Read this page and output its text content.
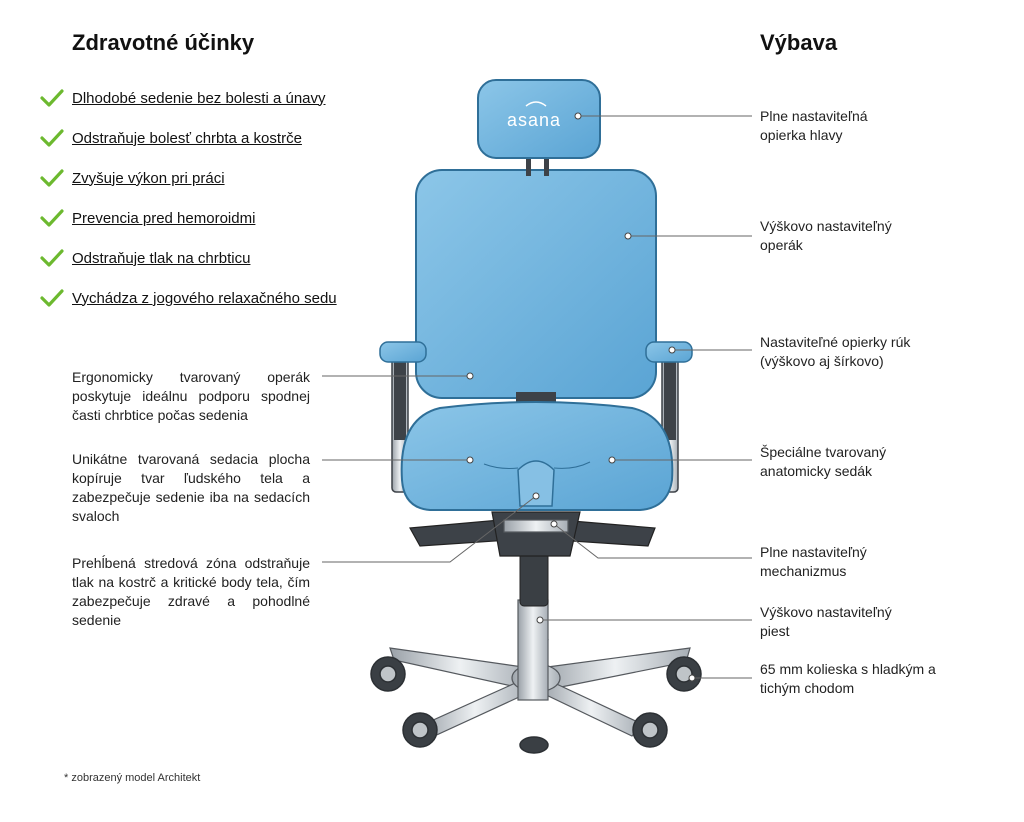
Zdravotné účinky	Výbava
Dlhodobé sedenie bez bolesti a únavy
Odstraňuje bolesť chrbta a kostrče
Zvyšuje výkon pri práci
Prevencia pred hemoroidmi
Odstraňuje tlak na chrbticu
Vychádza z jogového relaxačného sedu
asana

Ergonomicky tvarovaný operák poskytuje ideálnu podporu spodnej časti chrbtice počas sedenia

Unikátne tvarovaná sedacia plocha kopíruje tvar ľudského tela a zabezpečuje sedenie iba na sedacích svaloch

Prehĺbená stredová zóna odstraňuje tlak na kostrč a kritické body tela, čím zabezpečuje zdravé a pohodlné sedenie

Plne nastaviteľná opierka hlavy

Výškovo nastaviteľný operák

Nastaviteľné opierky rúk (výškovo aj šírkovo)

Špeciálne tvarovaný anatomicky sedák

Plne nastaviteľný mechanizmus

Výškovo nastaviteľný piest

65 mm kolieska s hladkým a tichým chodom

* zobrazený model Architekt
